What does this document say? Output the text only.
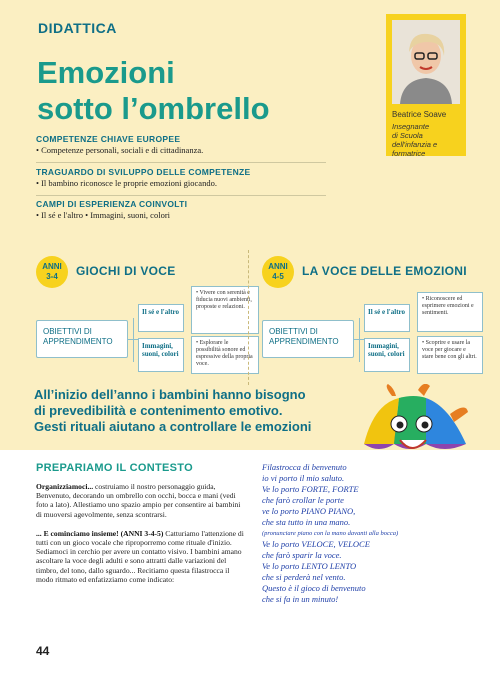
DIDATTICA
Emozioni
sotto l’ombrello	Beatrice Soave
Insegnante
di Scuola
dell'infanzia e
formatrice
COMPETENZE CHIAVE EUROPEE

• Competenze personali, sociali e di cittadinanza.

TRAGUARDO DI SVILUPPO DELLE COMPETENZE

• Il bambino riconosce le proprie emozioni giocando.

CAMPI DI ESPERIENZA COINVOLTI

• Il sé e l'altro • Immagini, suoni, colori

ANNI
3-4	GIOCHI DI VOCE
OBIETTIVI DI
APPRENDIMENTO
Il sé e l'altro
Immagini, suoni, colori
• Vivere con serenità e fiducia nuovi ambienti, proposte e relazioni.
• Esplorare le possibilità sonore ed espressive della propria voce.
ANNI
4-5	LA VOCE DELLE EMOZIONI
OBIETTIVI DI
APPRENDIMENTO
Il sé e l'altro
Immagini, suoni, colori
• Riconoscere ed esprimere emozioni e sentimenti.
• Scoprire e usare la voce per giocare e stare bene con gli altri.
All’inizio dell’anno i bambini hanno bisogno
di prevedibilità e contenimento emotivo.
Gesti rituali aiutano a controllare le emozioni
PREPARIAMO IL CONTESTO

Organizziamoci... costruiamo il nostro personaggio guida, Benvenuto, decorando un ombrello con occhi, bocca e mani (vedi foto a lato). Allestiamo uno spazio ampio per consentire ai bambini di muoversi agevolmente, senza scontrarsi.

... E cominciamo insieme! (ANNI 3-4-5) Catturiamo l'attenzione di tutti con un gioco vocale che riproporremo come rituale d'inizio. Sediamoci in cerchio per avere un contatto visivo. I bambini amano ascoltare la voce degli adulti e sono attratti dalle variazioni del timbro, del tono, dallo sguardo... Recitiamo questa filastrocca il modo ritmato ed enfatizziamo come indicato:

Filastrocca di benvenuto
io vi porto il mio saluto.
Ve lo porto FORTE, FORTE
che farò crollar le porte
ve lo porto PIANO PIANO,
che sta tutto in una mano.
(pronunciare piano con la mano davanti alla bocca)
Ve lo porto VELOCE, VELOCE
che farò sparir la voce.
Ve lo porto LENTO LENTO
che si perderà nel vento.
Questo è il gioco di benvenuto
che si fa in un minuto!
44
